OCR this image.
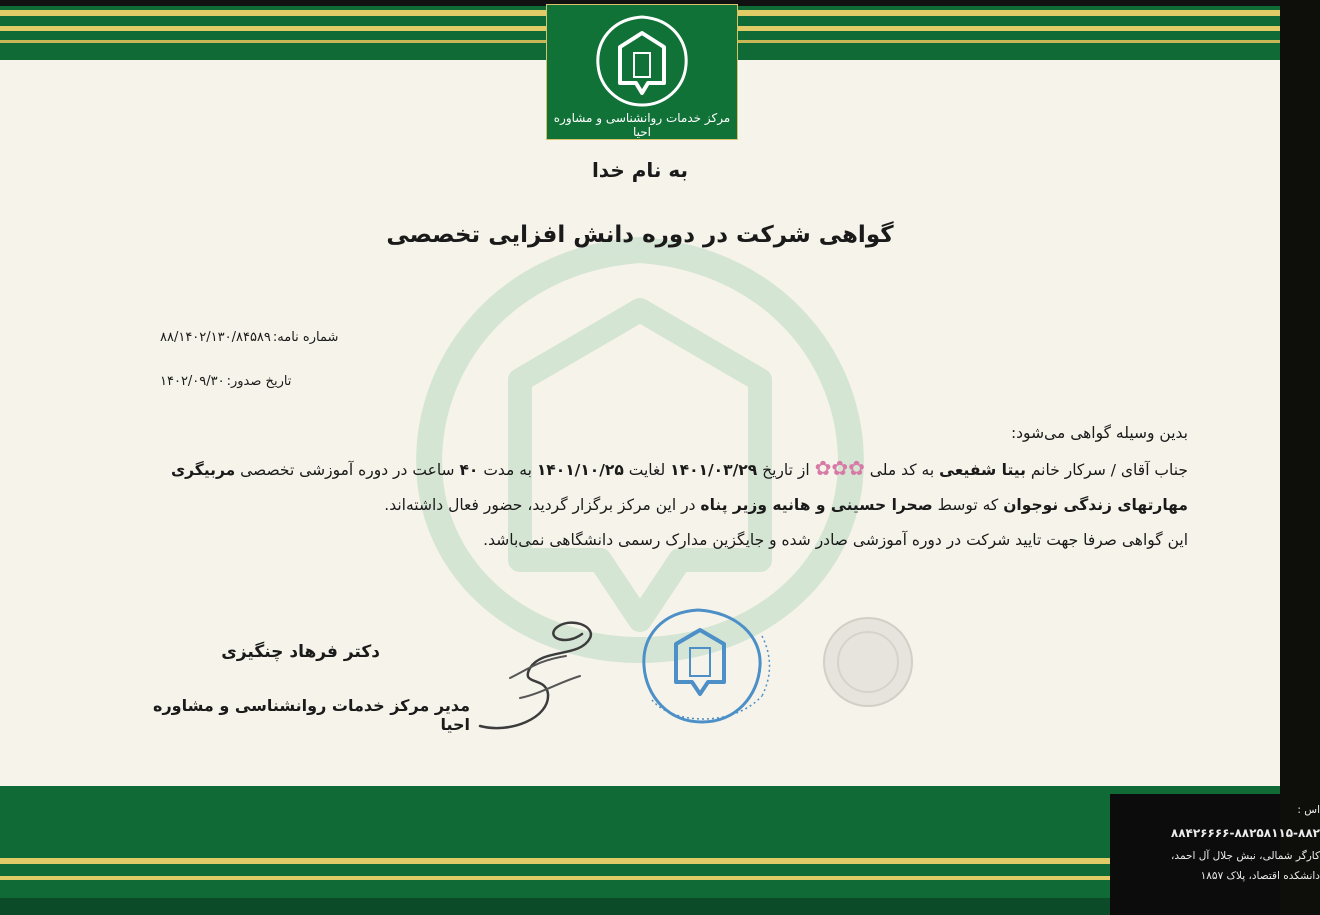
مرکز خدمات روانشناسی و مشاوره احیا
به نام خدا
گواهی شرکت در دوره دانش افزایی تخصصی
شماره نامه:۸۸/۱۴۰۲/۱۳۰/۸۴۵۸۹
تاریخ صدور:۱۴۰۲/۰۹/۳۰

بدین وسیله گواهی می‌شود:

جناب آقای / سرکار خانم بیتا شفیعی به کد ملی ✿✿✿ از تاریخ ۱۴۰۱/۰۳/۲۹ لغایت ۱۴۰۱/۱۰/۲۵ به مدت ۴۰ ساعت در دوره آموزشی تخصصی مربیگری مهارتهای زندگی نوجوان که توسط صحرا حسینی و هانیه وزیر پناه در این مرکز برگزار گردید، حضور فعال داشته‌اند.

این گواهی صرفا جهت تایید شرکت در دوره آموزشی صادر شده و جایگزین مدارک رسمی دانشگاهی نمی‌باشد.

دکتر فرهاد چنگیزی
مدیر مرکز خدمات روانشناسی و مشاوره احیا
اس :
۸۸۴۲۶۶۶۶-۸۸۲۵۸۱۱۵-۸۸۲
کارگر شمالی، نبش جلال آل احمد،
دانشکده اقتصاد، پلاک ۱۸۵۷
